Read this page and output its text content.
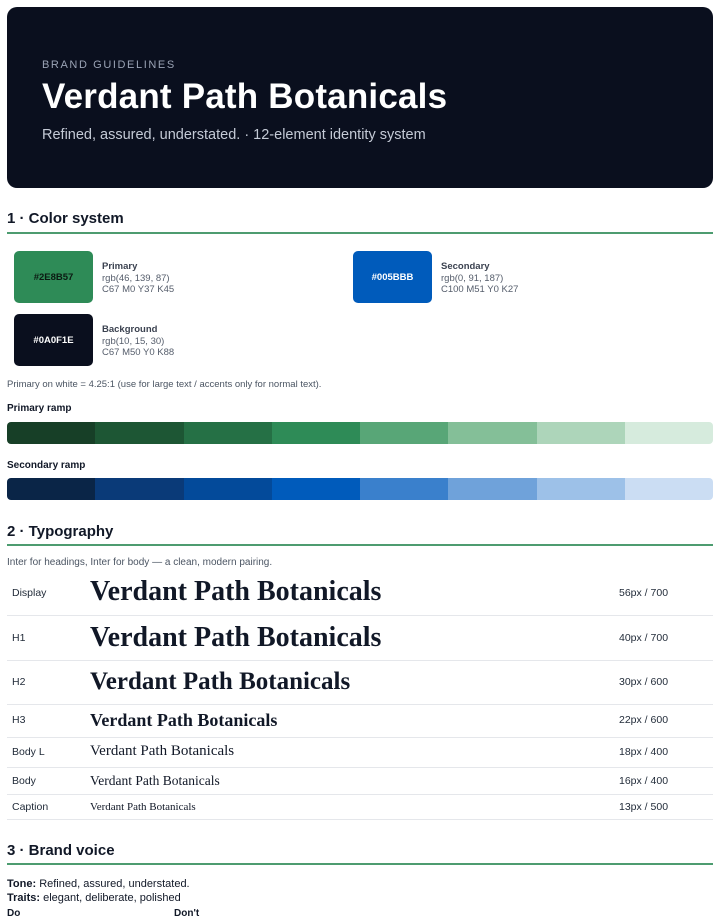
BRAND GUIDELINES
Verdant Path Botanicals
Refined, assured, understated. · 12-element identity system
1 · Color system
#2E8B57
Primary
rgb(46, 139, 87)
C67 M0 Y37 K45
#005BBB
Secondary
rgb(0, 91, 187)
C100 M51 Y0 K27
#0A0F1E
Background
rgb(10, 15, 30)
C67 M50 Y0 K88
Primary on white = 4.25:1 (use for large text / accents only for normal text).
Primary ramp
Secondary ramp
2 · Typography
Inter for headings, Inter for body — a clean, modern pairing.
Display Verdant Path Botanicals	56px / 700
H1 Verdant Path Botanicals	40px / 700
H2	Verdant Path Botanicals	30px / 600
H3	Verdant Path Botanicals	22px / 600
Body L	Verdant Path Botanicals	18px / 400
Body	Verdant Path Botanicals	16px / 400
Caption	Verdant Path Botanicals	13px / 500
3 · Brand voice
Tone: Refined, assured, understated.
Traits: elegant, deliberate, polished
Do	Don't
